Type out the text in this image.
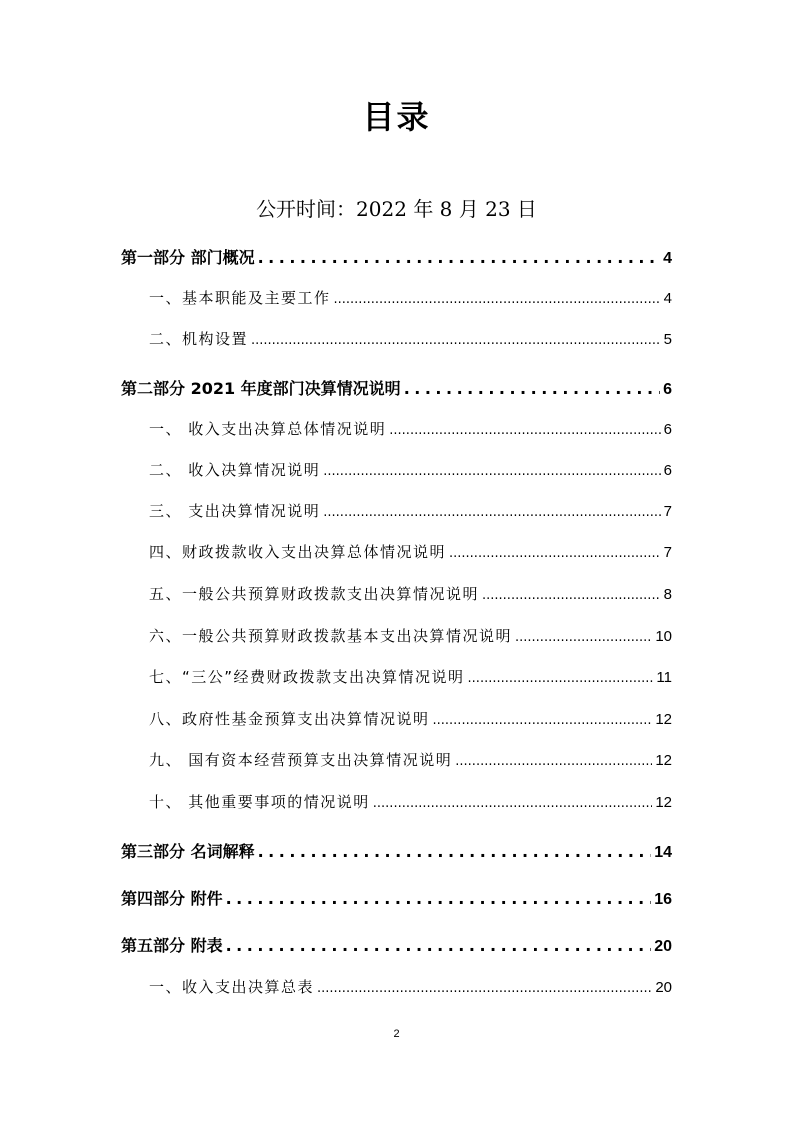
目录
公开时间：2022 年 8 月 23 日
第一部分 部门概况 .....	4
一、基本职能及主要工作 .....	4
二、机构设置 .....	5
第二部分 2021 年度部门决算情况说明 .....	6
一、 收入支出决算总体情况说明 .....	6
二、 收入决算情况说明 .....	6
三、 支出决算情况说明 .....	7
四、财政拨款收入支出决算总体情况说明 .....	7
五、一般公共预算财政拨款支出决算情况说明 .....	8
六、一般公共预算财政拨款基本支出决算情况说明 .....	10
七、“三公”经费财政拨款支出决算情况说明 .....	11
八、政府性基金预算支出决算情况说明 .....	12
九、 国有资本经营预算支出决算情况说明 .....	12
十、 其他重要事项的情况说明 .....	12
第三部分 名词解释 .....	14
第四部分 附件 .....	16
第五部分 附表 .....	20
一、收入支出决算总表 .....	20
2
